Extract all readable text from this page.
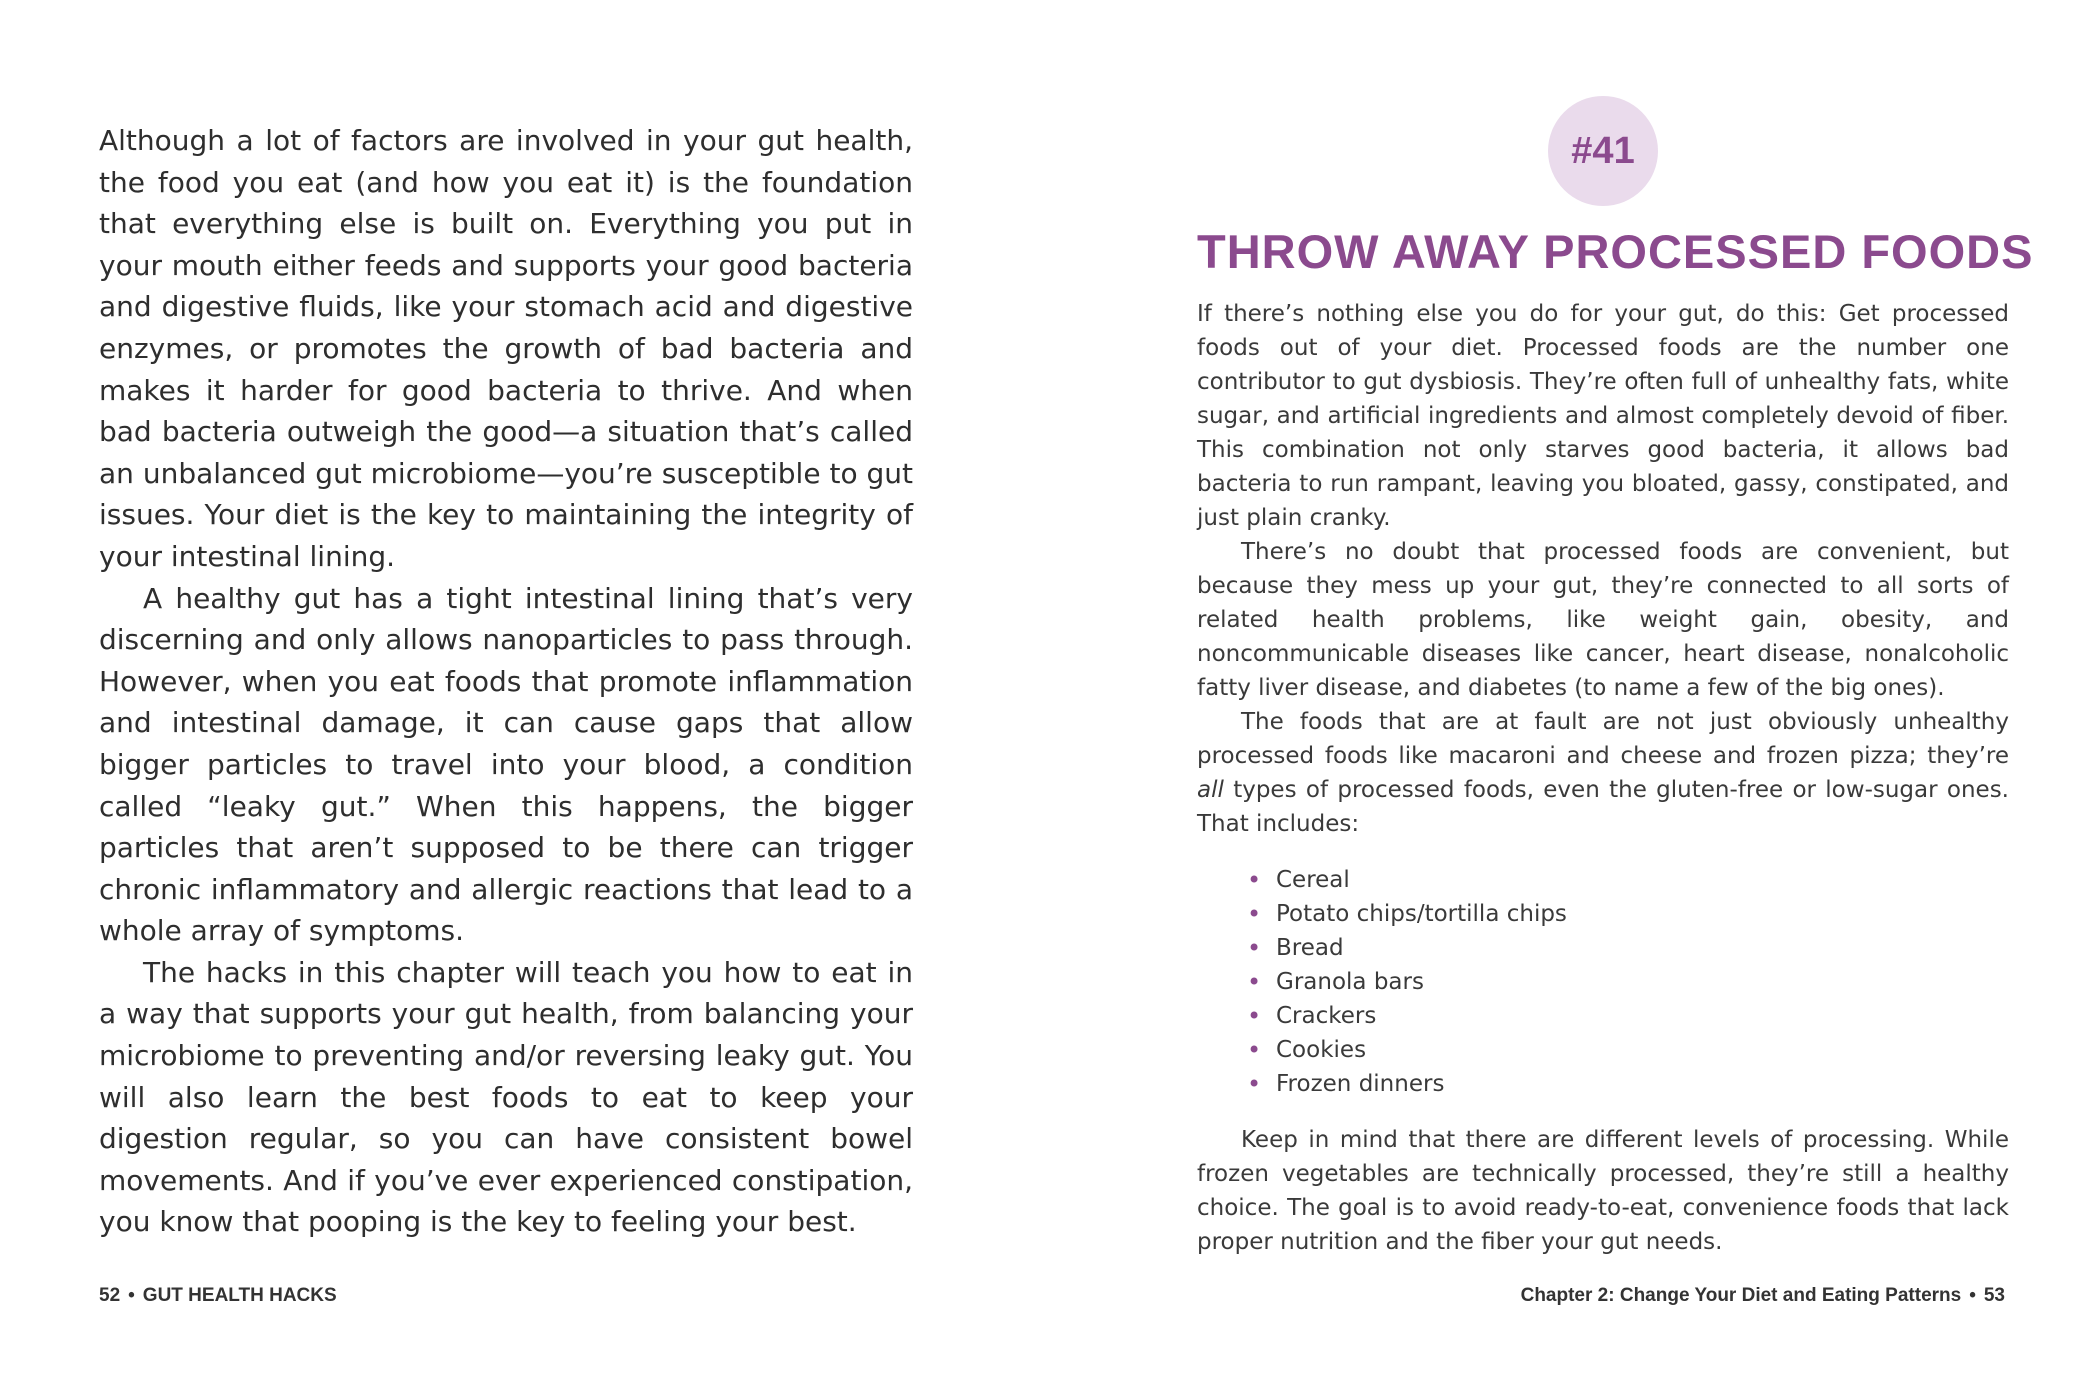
Although a lot of factors are involved in your gut health, the food you eat (and how you eat it) is the foundation that everything else is built on. Everything you put in your mouth either feeds and supports your good bacteria and digestive fluids, like your stomach acid and digestive enzymes, or promotes the growth of bad bacteria and makes it harder for good bacteria to thrive. And when bad bacteria outweigh the good—a situation that’s called an unbalanced gut microbiome—you’re susceptible to gut issues. Your diet is the key to maintaining the integrity of your intestinal lining.

A healthy gut has a tight intestinal lining that’s very discerning and only allows nanoparticles to pass through. However, when you eat foods that promote inflammation and intestinal damage, it can cause gaps that allow bigger particles to travel into your blood, a condition called “leaky gut.” When this happens, the bigger particles that aren’t supposed to be there can trigger chronic inflammatory and allergic reactions that lead to a whole array of symptoms.

The hacks in this chapter will teach you how to eat in a way that supports your gut health, from balancing your microbiome to preventing and/or reversing leaky gut. You will also learn the best foods to eat to keep your digestion regular, so you can have consistent bowel movements. And if you’ve ever experienced constipation, you know that pooping is the key to feeling your best.

52 • GUT HEALTH HACKS
#41
THROW AWAY PROCESSED FOODS

If there’s nothing else you do for your gut, do this: Get processed foods out of your diet. Processed foods are the number one contributor to gut dysbiosis. They’re often full of unhealthy fats, white sugar, and artificial ingredients and almost completely devoid of fiber. This combination not only starves good bacteria, it allows bad bacteria to run rampant, leaving you bloated, gassy, constipated, and just plain cranky.

There’s no doubt that processed foods are convenient, but because they mess up your gut, they’re connected to all sorts of related health problems, like weight gain, obesity, and noncommunicable diseases like cancer, heart disease, nonalcoholic fatty liver disease, and diabetes (to name a few of the big ones).

The foods that are at fault are not just obviously unhealthy processed foods like macaroni and cheese and frozen pizza; they’re all types of processed foods, even the gluten-free or low-sugar ones. That includes:

• Cereal
• Potato chips/tortilla chips
• Bread
• Granola bars
• Crackers
• Cookies
• Frozen dinners

Keep in mind that there are different levels of processing. While frozen vegetables are technically processed, they’re still a healthy choice. The goal is to avoid ready-to-eat, convenience foods that lack proper nutrition and the fiber your gut needs.

Chapter 2: Change Your Diet and Eating Patterns • 53
